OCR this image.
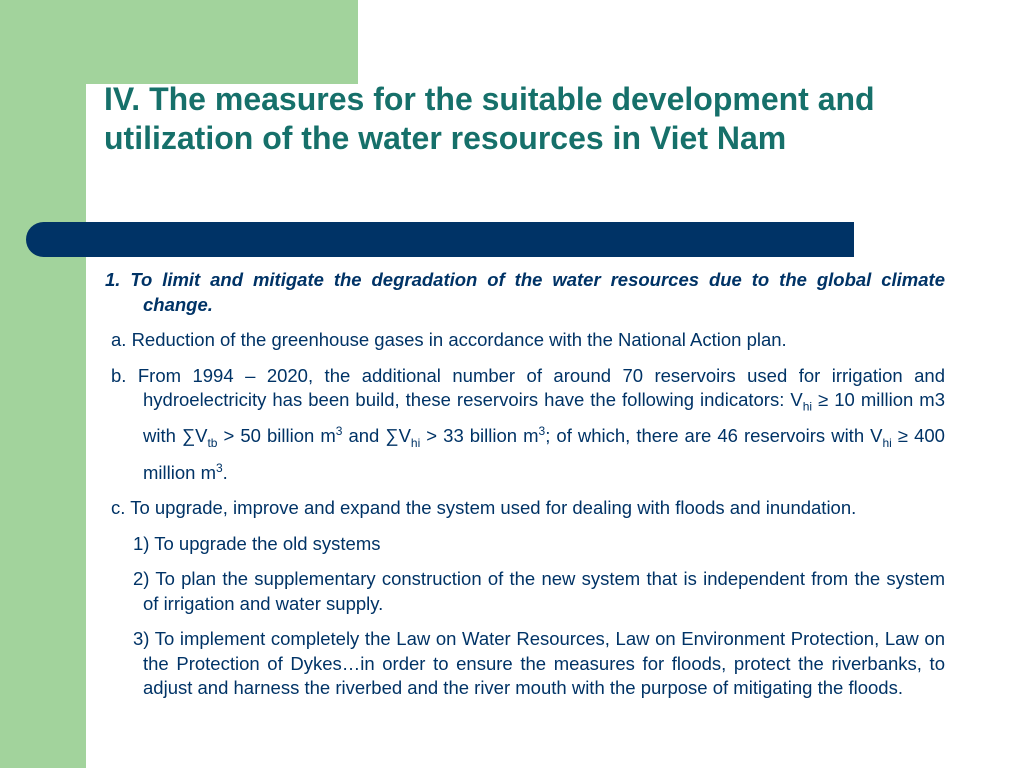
IV. The measures for the suitable development and utilization of the water resources in Viet Nam

1. To limit and mitigate the degradation of the water resources due to the global climate change.

a. Reduction of the greenhouse gases in accordance with the National Action plan.

b. From 1994 – 2020, the additional number of around 70 reservoirs used for irrigation and hydroelectricity has been build, these reservoirs have the following indicators: $V_{hi} \ge 10$ million m3 with $\sum V_{tb} > 50$ billion $m^3$ and $\sum V_{hi} > 33$ billion $m^3$; of which, there are 46 reservoirs with $V_{hi} \ge 400$ million $m^3$.

c. To upgrade, improve and expand the system used for dealing with floods and inundation.

1) To upgrade the old systems

2) To plan the supplementary construction of the new system that is independent from the system of irrigation and water supply.

3) To implement completely the Law on Water Resources, Law on Environment Protection, Law on the Protection of Dykes…in order to ensure the measures for floods, protect the riverbanks, to adjust and harness the riverbed and the river mouth with the purpose of mitigating the floods.
